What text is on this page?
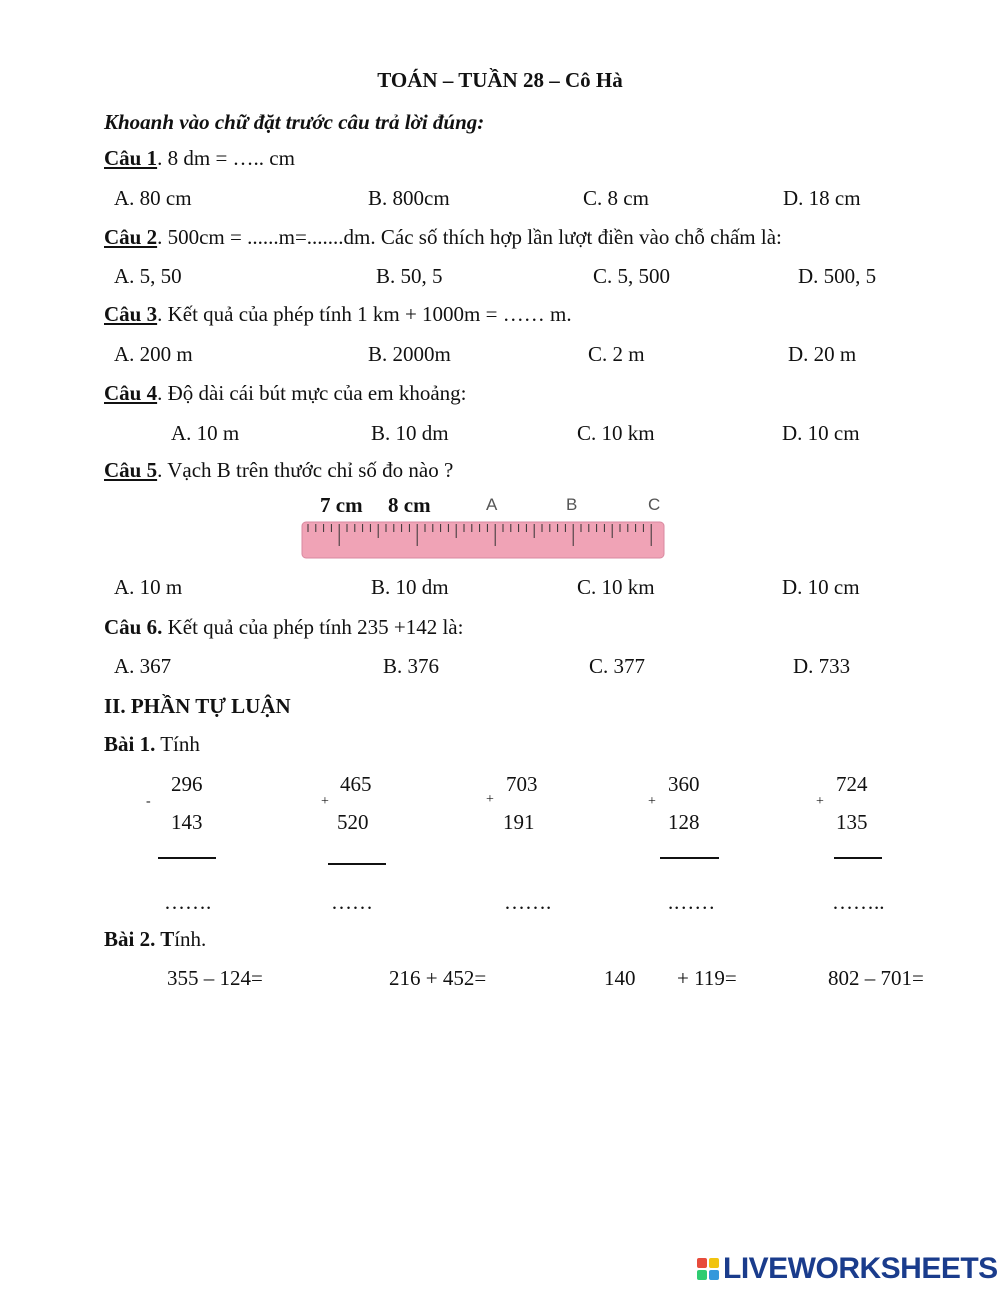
TOÁN – TUẦN 28 – Cô Hà
Khoanh vào chữ đặt trước câu trả lời đúng:
Câu 1. 8 dm = ….. cm
A. 80 cm	B. 800cm	C. 8 cm	D. 18 cm
Câu 2. 500cm = ......m=.......dm. Các số thích hợp lần lượt điền vào chỗ chấm là:
A. 5, 50	B. 50, 5	C. 5, 500	D. 500, 5
Câu 3. Kết quả của phép tính 1 km + 1000m = …… m.
A. 200 m	B. 2000m	C. 2 m	D. 20 m
Câu 4. Độ dài cái bút mực của em khoảng:
A. 10 m	B. 10 dm	C. 10 km	D. 10 cm
Câu 5. Vạch B trên thước chỉ số đo nào ?
7 cm 8 cm	A	B	C
A. 10 m	B. 10 dm	C. 10 km	D. 10 cm
Câu 6. Kết quả của phép tính 235 +142 là:
A. 367	B. 376	C. 377	D. 733
II. PHẦN TỰ LUẬN
Bài 1. Tính
296
-
143
…….
465
+
520
……
703
+
191
…….
360
+
128
.……
724
+
135
……..
Bài 2. Tính.
355 – 124=	216 + 452=	140 + 119=	802 – 701=
LIVEWORKSHEETS
